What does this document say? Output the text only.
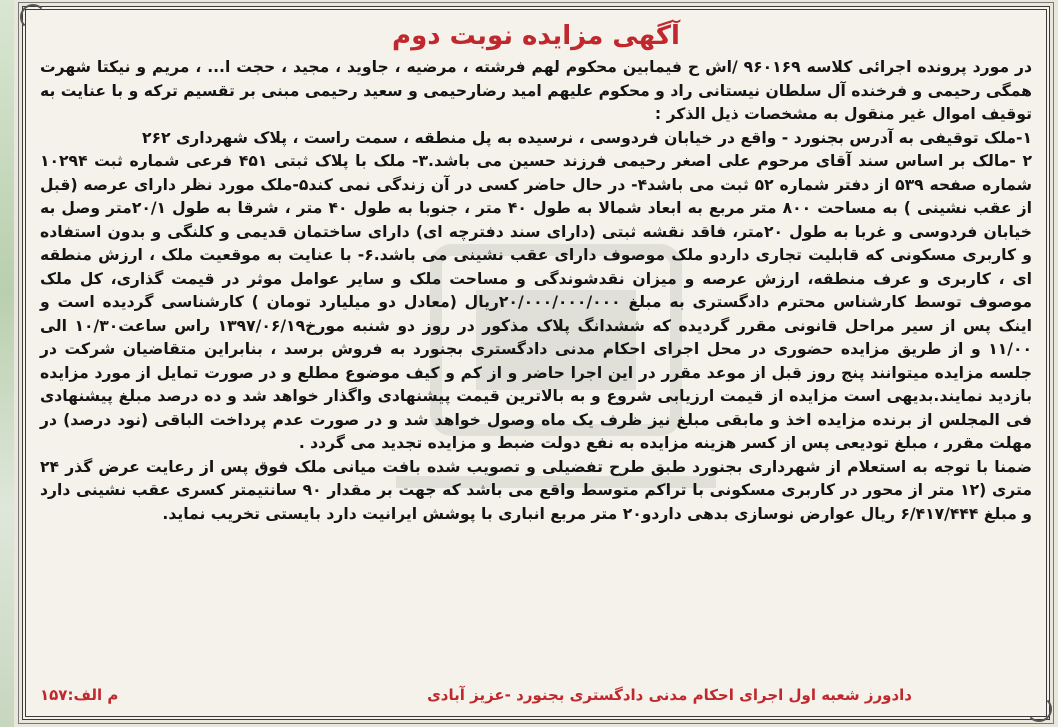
آگهی مزایده نوبت دوم

در مورد پرونده اجرائی کلاسه ۹۶۰۱۶۹ /اش ح فیمابین محکوم لهم فرشته ، مرضیه ، جاوید ، مجید ، حجت ا... ، مریم و نیکتا شهرت همگی رحیمی و فرخنده آل سلطان نیستانی راد و محکوم علیهم امید رضارحیمی و سعید رحیمی مبنی بر تقسیم ترکه و با عنایت به توقیف اموال غیر منقول به مشخصات ذیل الذکر :

۱-ملک توقیفی به آدرس بجنورد - واقع در خیابان فردوسی ، نرسیده به پل منطقه ، سمت راست ، پلاک شهرداری ۲۶۲

۲ -مالک بر اساس سند آقای مرحوم علی اصغر رحیمی فرزند حسین می باشد.۳- ملک با پلاک ثبتی ۴۵۱ فرعی شماره ثبت ۱۰۲۹۴ شماره صفحه ۵۳۹ از دفتر شماره ۵۲ ثبت می باشد۴- در حال حاضر کسی در آن زندگی نمی کند۵-ملک مورد نظر دارای عرصه (قبل از عقب نشینی ) به مساحت ۸۰۰ متر مربع به ابعاد شمالا به طول ۴۰ متر ، جنوبا به طول ۴۰ متر ، شرقا به طول ۲۰/۱متر وصل به خیابان فردوسی و غربا به طول ۲۰متر، فاقد نقشه ثبتی (دارای سند دفترچه ای) دارای ساختمان قدیمی و کلنگی و بدون استفاده و کاربری مسکونی که قابلیت تجاری داردو ملک موصوف دارای عقب نشینی می باشد.۶- با عنایت به موقعیت ملک ، ارزش منطقه ای ، کاربری و عرف منطقه، ارزش عرصه و میزان نقدشوندگی و مساحت ملک و سایر عوامل موثر در قیمت گذاری، کل ملک موصوف توسط کارشناس محترم دادگستری به مبلغ ۲۰/۰۰۰/۰۰۰/۰۰۰ریال (معادل دو میلیارد تومان ) کارشناسی گردیده است و اینک پس از سیر مراحل قانونی مقرر گردیده که ششدانگ پلاک مذکور در روز دو شنبه مورخ۱۳۹۷/۰۶/۱۹ راس ساعت۱۰/۳۰ الی ۱۱/۰۰ و از طریق مزایده حضوری در محل اجرای احکام مدنی دادگستری بجنورد به فروش برسد ، بنابراین متقاضیان شرکت در جلسه مزایده میتوانند پنج روز قبل از موعد مقرر در این اجرا حاضر و از کم و کیف موضوع مطلع و در صورت تمایل از مورد مزایده بازدید نمایند.بدیهی است مزایده از قیمت ارزیابی شروع و به بالاترین قیمت پیشنهادی واگذار خواهد شد و ده درصد مبلغ پیشنهادی فی المجلس از برنده مزایده اخذ و مابقی مبلغ نیز ظرف یک ماه وصول خواهد شد و در صورت عدم پرداخت الباقی (نود درصد) در مهلت مقرر ، مبلغ تودیعی پس از کسر هزینه مزایده به نفع دولت ضبط و مزایده تجدید می گردد .

ضمنا با توجه به استعلام از شهرداری بجنورد طبق طرح تفضیلی و تصویب شده بافت میانی ملک فوق پس از رعایت عرض گذر ۲۴ متری (۱۲ متر از محور در کاربری مسکونی با تراکم متوسط واقع می باشد که جهت بر مقدار ۹۰ سانتیمتر کسری عقب نشینی دارد و مبلغ ۶/۴۱۷/۴۴۴ ریال عوارض نوسازی بدهی داردو۲۰ متر مربع انباری با پوشش ایرانیت دارد بایستی تخریب نماید.

دادورز شعبه اول اجرای احکام مدنی دادگستری بجنورد -عزیز آبادی
م الف:۱۵۷
